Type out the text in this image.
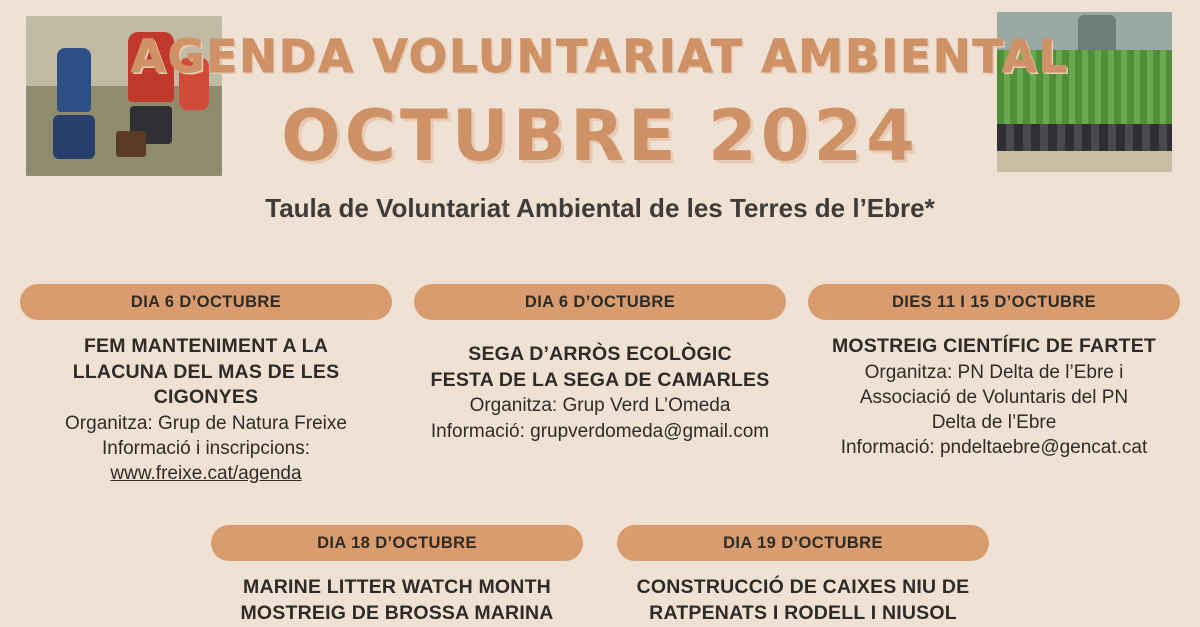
AGENDA VOLUNTARIAT AMBIENTAL
OCTUBRE 2024
Taula de Voluntariat Ambiental de les Terres de l’Ebre*
DIA 6 D’OCTUBRE
FEM MANTENIMENT A LA
LLACUNA DEL MAS DE LES CIGONYES
Organitza: Grup de Natura Freixe
Informació i inscripcions:
www.freixe.cat/agenda
DIA 6 D’OCTUBRE
SEGA D’ARRÒS ECOLÒGIC
FESTA DE LA SEGA DE CAMARLES
Organitza: Grup Verd L’Omeda
Informació: grupverdomeda@gmail.com
DIES 11 I 15 D’OCTUBRE
MOSTREIG CIENTÍFIC DE FARTET
Organitza: PN Delta de l’Ebre i
Associació de Voluntaris del PN
Delta de l’Ebre
Informació: pndeltaebre@gencat.cat
DIA 18 D’OCTUBRE
MARINE LITTER WATCH MONTH
MOSTREIG DE BROSSA MARINA
DIA 19 D’OCTUBRE
CONSTRUCCIÓ DE CAIXES NIU DE
RATPENATS I RODELL I NIUSOL
